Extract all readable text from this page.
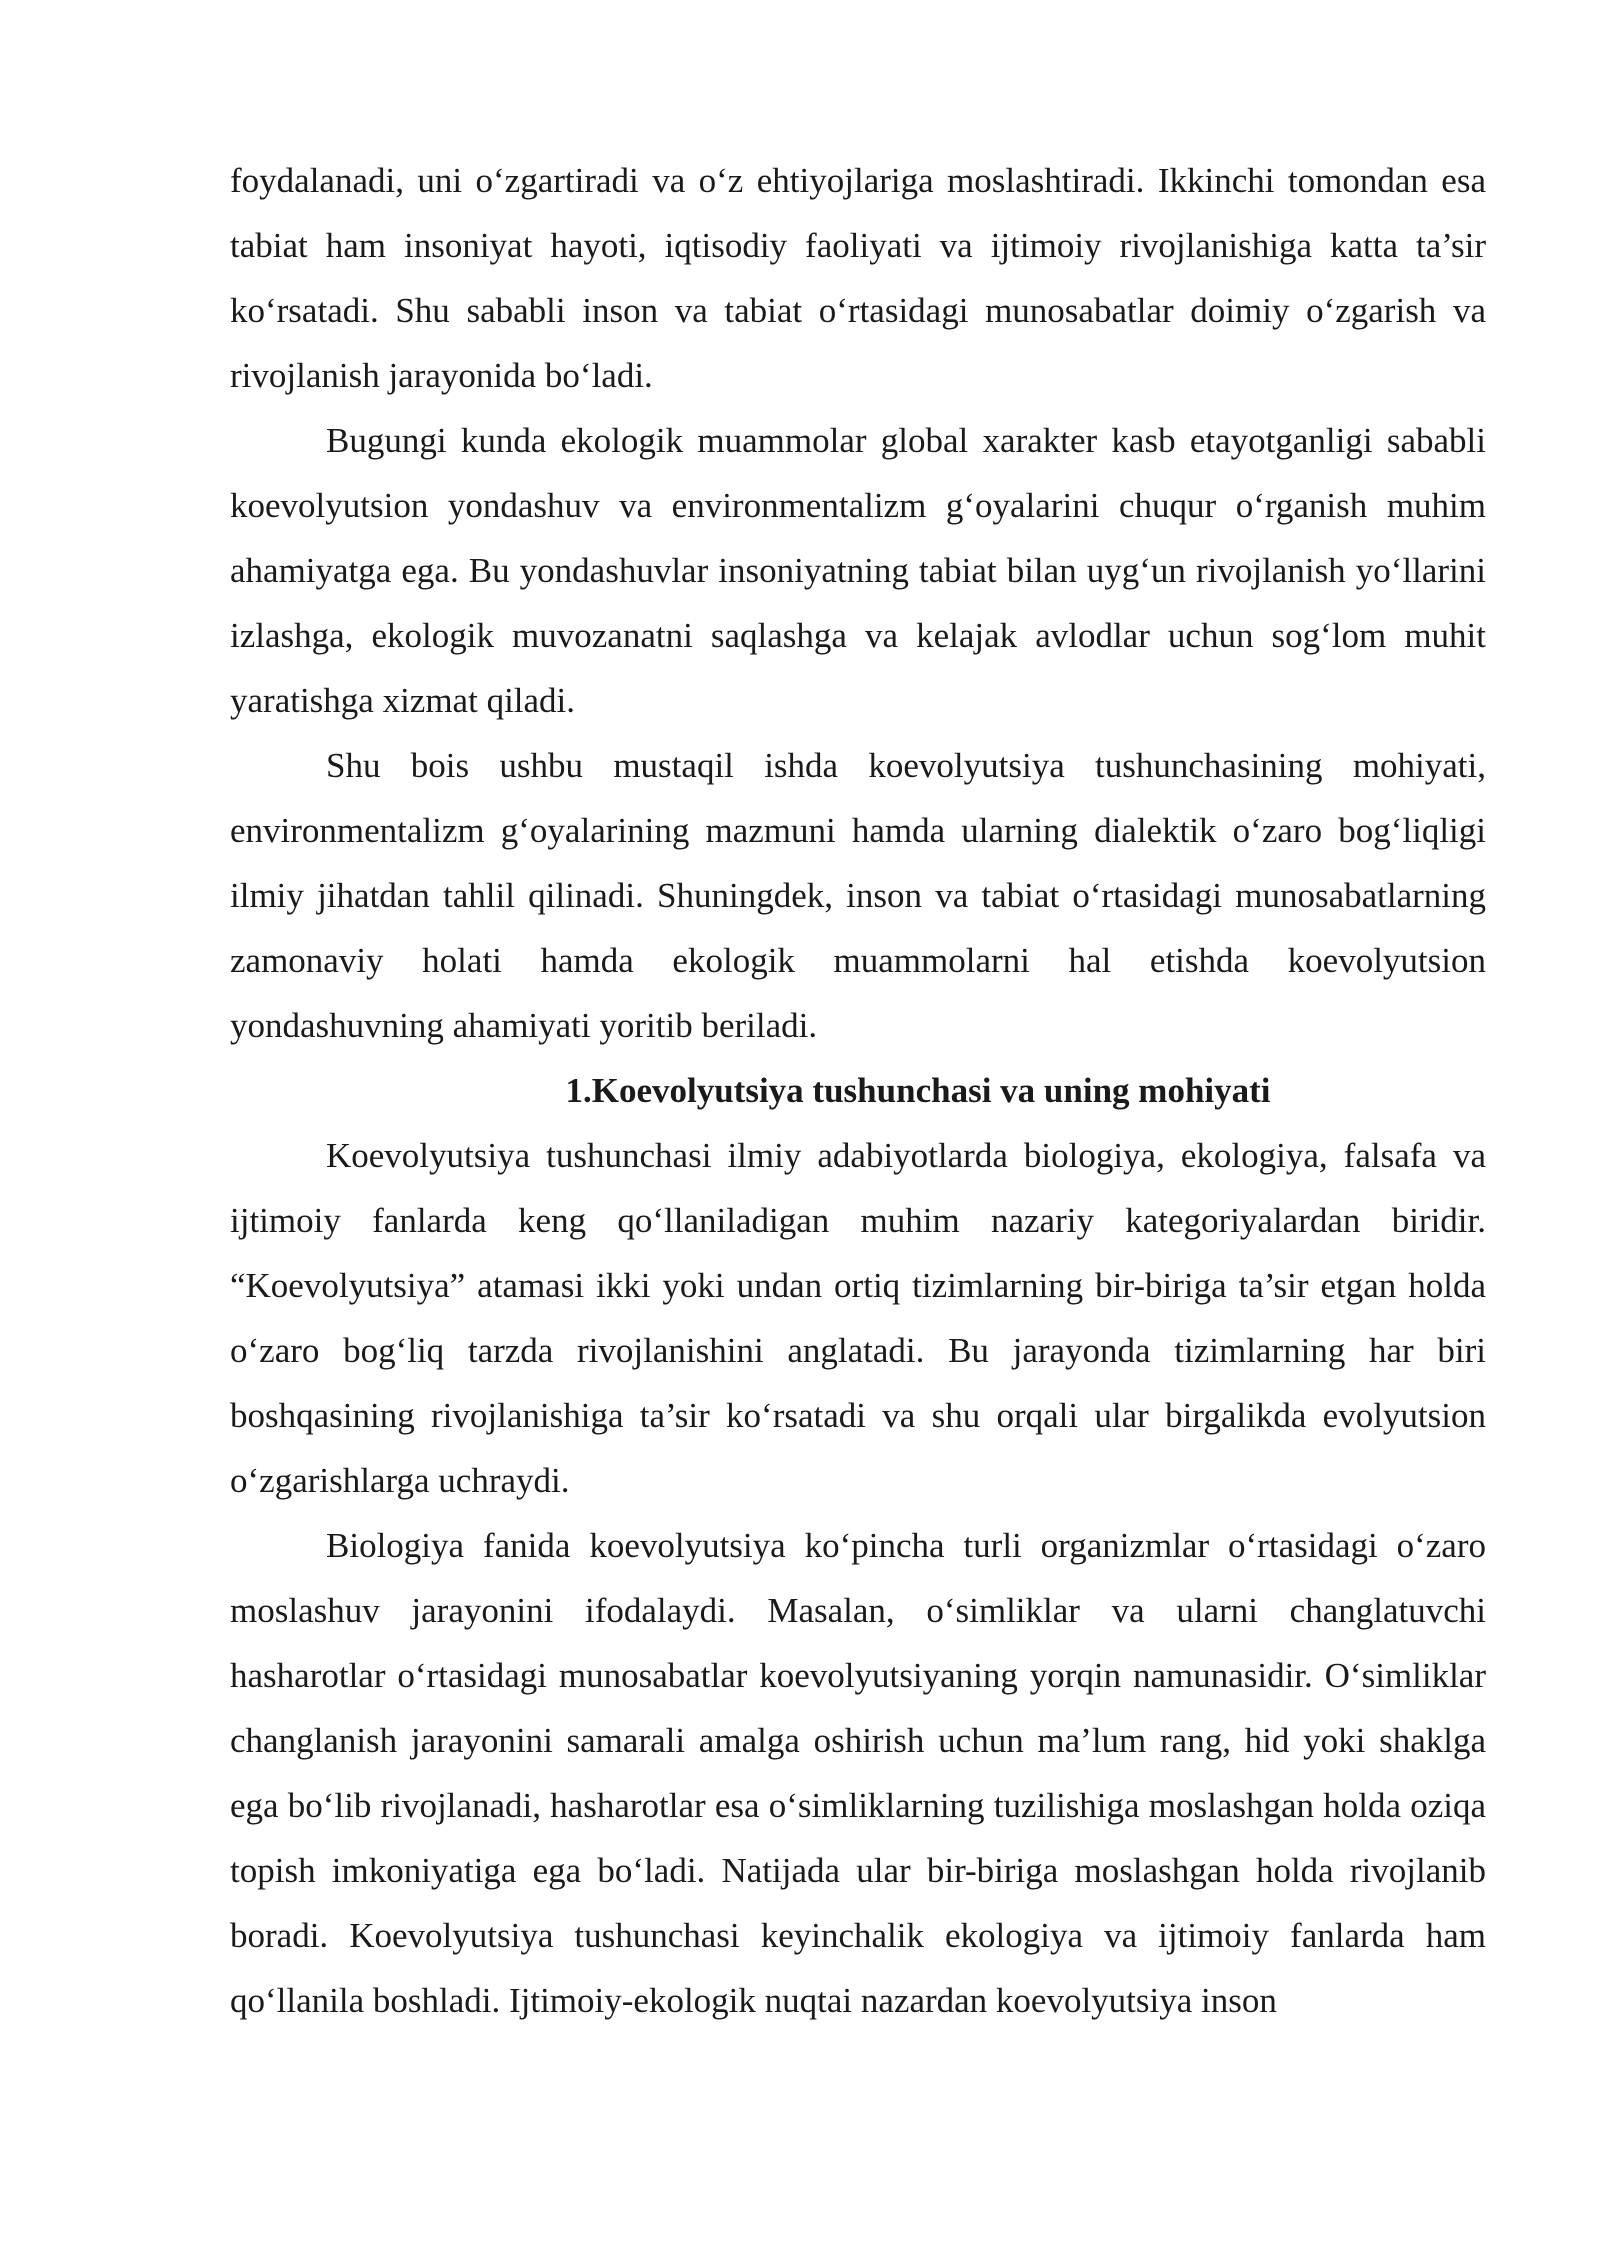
foydalanadi, uni o‘zgartiradi va o‘z ehtiyojlariga moslashtiradi. Ikkinchi tomondan esa tabiat ham insoniyat hayoti, iqtisodiy faoliyati va ijtimoiy rivojlanishiga katta ta’sir ko‘rsatadi. Shu sababli inson va tabiat o‘rtasidagi munosabatlar doimiy o‘zgarish va rivojlanish jarayonida bo‘ladi.

Bugungi kunda ekologik muammolar global xarakter kasb etayotganligi sababli koevolyutsion yondashuv va environmentalizm g‘oyalarini chuqur o‘rganish muhim ahamiyatga ega. Bu yondashuvlar insoniyatning tabiat bilan uyg‘un rivojlanish yo‘llarini izlashga, ekologik muvozanatni saqlashga va kelajak avlodlar uchun sog‘lom muhit yaratishga xizmat qiladi.

Shu bois ushbu mustaqil ishda koevolyutsiya tushunchasining mohiyati, environmentalizm g‘oyalarining mazmuni hamda ularning dialektik o‘zaro bog‘liqligi ilmiy jihatdan tahlil qilinadi. Shuningdek, inson va tabiat o‘rtasidagi munosabatlarning zamonaviy holati hamda ekologik muammolarni hal etishda koevolyutsion yondashuvning ahamiyati yoritib beriladi.

1.Koevolyutsiya tushunchasi va uning mohiyati

Koevolyutsiya tushunchasi ilmiy adabiyotlarda biologiya, ekologiya, falsafa va ijtimoiy fanlarda keng qo‘llaniladigan muhim nazariy kategoriyalardan biridir. “Koevolyutsiya” atamasi ikki yoki undan ortiq tizimlarning bir-biriga ta’sir etgan holda o‘zaro bog‘liq tarzda rivojlanishini anglatadi. Bu jarayonda tizimlarning har biri boshqasining rivojlanishiga ta’sir ko‘rsatadi va shu orqali ular birgalikda evolyutsion o‘zgarishlarga uchraydi.

Biologiya fanida koevolyutsiya ko‘pincha turli organizmlar o‘rtasidagi o‘zaro moslashuv jarayonini ifodalaydi. Masalan, o‘simliklar va ularni changlatuvchi hasharotlar o‘rtasidagi munosabatlar koevolyutsiyaning yorqin namunasidir. O‘simliklar changlanish jarayonini samarali amalga oshirish uchun ma’lum rang, hid yoki shaklga ega bo‘lib rivojlanadi, hasharotlar esa o‘simliklarning tuzilishiga moslashgan holda oziqa topish imkoniyatiga ega bo‘ladi. Natijada ular bir-biriga moslashgan holda rivojlanib boradi. Koevolyutsiya tushunchasi keyinchalik ekologiya va ijtimoiy fanlarda ham qo‘llanila boshladi. Ijtimoiy-ekologik nuqtai nazardan koevolyutsiya inson
